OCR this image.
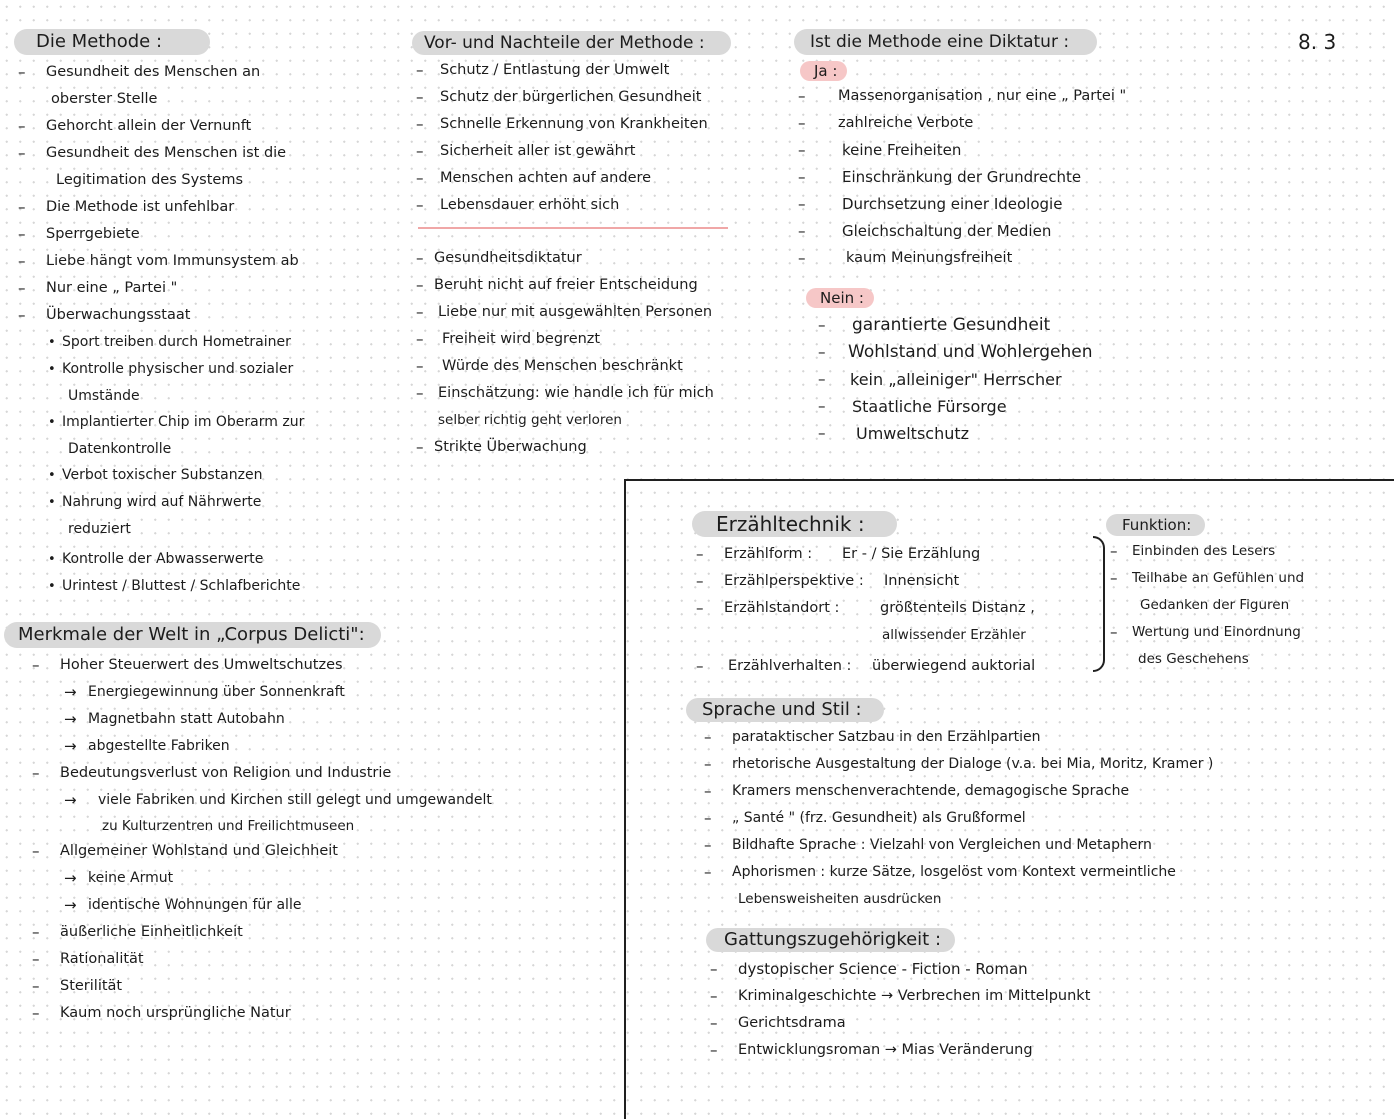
8. 3
Die Methode :
– Gesundheit des Menschen an
oberster Stelle
– Gehorcht allein der Vernunft
– Gesundheit des Menschen ist die
Legitimation des Systems
– Die Methode ist unfehlbar
– Sperrgebiete
– Liebe hängt vom Immunsystem ab
– Nur eine „ Partei "
– Überwachungsstaat
• Sport treiben durch Hometrainer
• Kontrolle physischer und sozialer
Umstände
• Implantierter Chip im Oberarm zur
Datenkontrolle
• Verbot toxischer Substanzen
• Nahrung wird auf Nährwerte
reduziert
• Kontrolle der Abwasserwerte
• Urintest / Bluttest / Schlafberichte
Merkmale der Welt in „Corpus Delicti":
– Hoher Steuerwert des Umweltschutzes
→ Energiegewinnung über Sonnenkraft
→ Magnetbahn statt Autobahn
→ abgestellte Fabriken
– Bedeutungsverlust von Religion und Industrie
→ viele Fabriken und Kirchen still gelegt und umgewandelt
zu Kulturzentren und Freilichtmuseen
– Allgemeiner Wohlstand und Gleichheit
→ keine Armut
→ identische Wohnungen für alle
– äußerliche Einheitlichkeit
– Rationalität
– Sterilität
– Kaum noch ursprüngliche Natur
Vor- und Nachteile der Methode :
– Schutz / Entlastung der Umwelt
– Schutz der bürgerlichen Gesundheit
– Schnelle Erkennung von Krankheiten
– Sicherheit aller ist gewährt
– Menschen achten auf andere
– Lebensdauer erhöht sich
– Gesundheitsdiktatur
– Beruht nicht auf freier Entscheidung
– Liebe nur mit ausgewählten Personen
– Freiheit wird begrenzt
– Würde des Menschen beschränkt
– Einschätzung: wie handle ich für mich
selber richtig geht verloren
– Strikte Überwachung
Ist die Methode eine Diktatur :
Ja :
– Massenorganisation , nur eine „ Partei "
– zahlreiche Verbote
– keine Freiheiten
– Einschränkung der Grundrechte
– Durchsetzung einer Ideologie
– Gleichschaltung der Medien
– kaum Meinungsfreiheit
Nein :
– garantierte Gesundheit
– Wohlstand und Wohlergehen
– kein „alleiniger" Herrscher
– Staatliche Fürsorge
– Umweltschutz
Erzähltechnik :
– Erzählform : Er - / Sie Erzählung
– Erzählperspektive : Innensicht
– Erzählstandort :	größtenteils Distanz ,
allwissender Erzähler
– Erzählverhalten : überwiegend auktorial
Funktion:
– Einbinden des Lesers
– Teilhabe an Gefühlen und
Gedanken der Figuren
– Wertung und Einordnung
des Geschehens
Sprache und Stil :
– parataktischer Satzbau in den Erzählpartien
– rhetorische Ausgestaltung der Dialoge (v.a. bei Mia, Moritz, Kramer )
– Kramers menschenverachtende, demagogische Sprache
– „ Santé " (frz. Gesundheit) als Grußformel
– Bildhafte Sprache : Vielzahl von Vergleichen und Metaphern
– Aphorismen : kurze Sätze, losgelöst vom Kontext vermeintliche
Lebensweisheiten ausdrücken
Gattungszugehörigkeit :
– dystopischer Science - Fiction - Roman
– Kriminalgeschichte → Verbrechen im Mittelpunkt
– Gerichtsdrama
– Entwicklungsroman → Mias Veränderung
